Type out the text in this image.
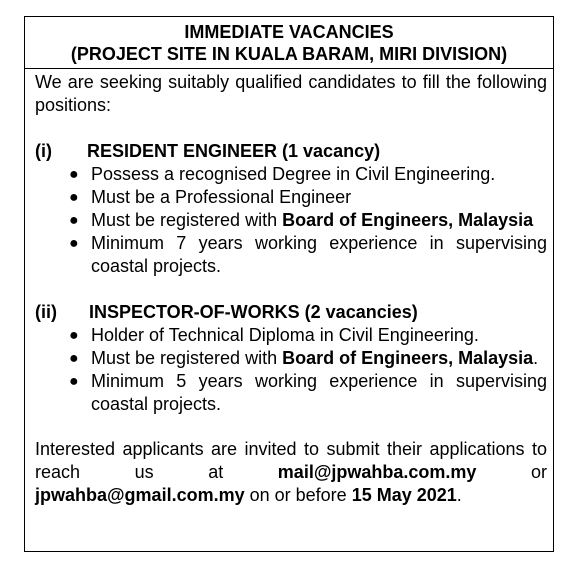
IMMEDIATE VACANCIES
(PROJECT SITE IN KUALA BARAM, MIRI DIVISION)

We are seeking suitably qualified candidates to fill the following positions:

(i)	RESIDENT ENGINEER (1 vacancy)
● Possess a recognised Degree in Civil Engineering.
● Must be a Professional Engineer
● Must be registered with Board of Engineers, Malaysia
● Minimum 7 years working experience in supervising coastal projects.
(ii)	INSPECTOR-OF-WORKS (2 vacancies)
● Holder of Technical Diploma in Civil Engineering.
● Must be registered with Board of Engineers, Malaysia.
● Minimum 5 years working experience in supervising coastal projects.

Interested applicants are invited to submit their applications to reach us at mail@jpwahba.com.my or jpwahba@gmail.com.my on or before 15 May 2021.
